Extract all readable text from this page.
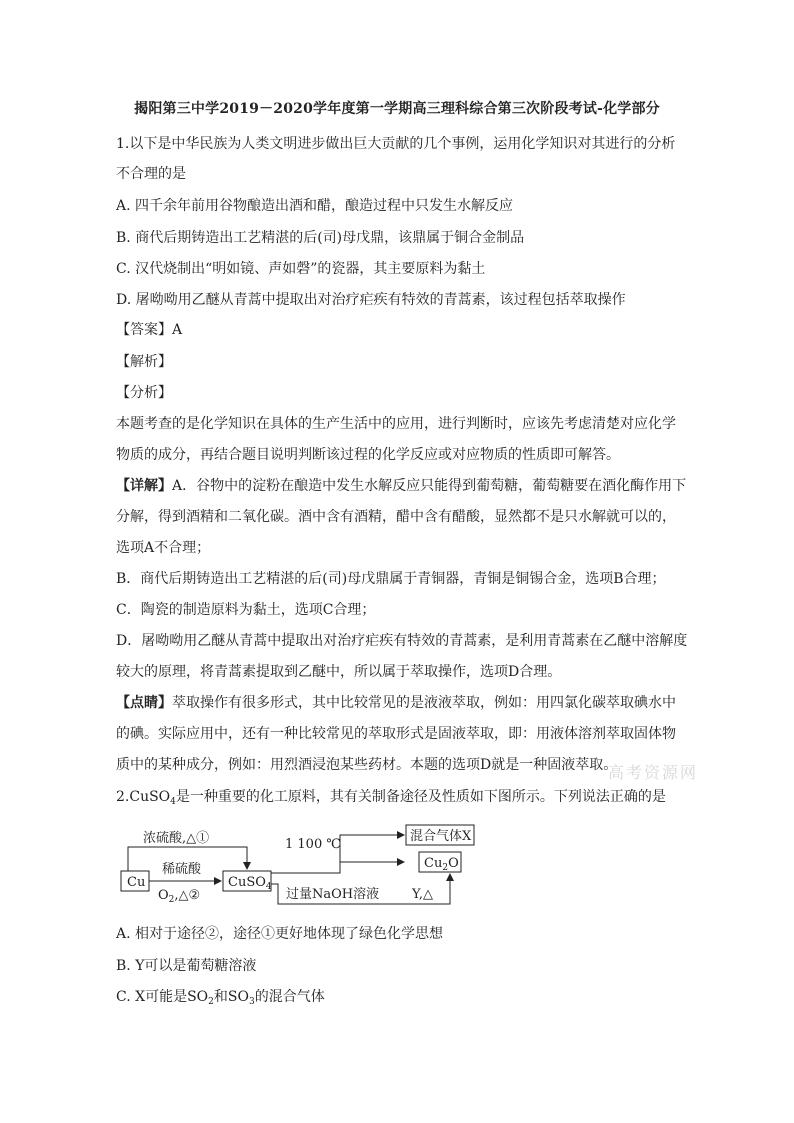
揭阳第三中学2019－2020学年度第一学期高三理科综合第三次阶段考试-化学部分
1.以下是中华民族为人类文明进步做出巨大贡献的几个事例，运用化学知识对其进行的分析
不合理的是
A. 四千余年前用谷物酿造出酒和醋，酿造过程中只发生水解反应
B. 商代后期铸造出工艺精湛的后(司)母戊鼎，该鼎属于铜合金制品
C. 汉代烧制出“明如镜、声如磬”的瓷器，其主要原料为黏土
D. 屠呦呦用乙醚从青蒿中提取出对治疗疟疾有特效的青蒿素，该过程包括萃取操作
【答案】A
【解析】
【分析】
本题考查的是化学知识在具体的生产生活中的应用，进行判断时，应该先考虑清楚对应化学
物质的成分，再结合题目说明判断该过程的化学反应或对应物质的性质即可解答。
【详解】A．谷物中的淀粉在酿造中发生水解反应只能得到葡萄糖，葡萄糖要在酒化酶作用下
分解，得到酒精和二氧化碳。酒中含有酒精，醋中含有醋酸，显然都不是只水解就可以的，
选项A不合理；
B．商代后期铸造出工艺精湛的后(司)母戊鼎属于青铜器，青铜是铜锡合金，选项B合理；
C．陶瓷的制造原料为黏土，选项C合理；
D．屠呦呦用乙醚从青蒿中提取出对治疗疟疾有特效的青蒿素，是利用青蒿素在乙醚中溶解度
较大的原理，将青蒿素提取到乙醚中，所以属于萃取操作，选项D合理。
【点睛】萃取操作有很多形式，其中比较常见的是液液萃取，例如：用四氯化碳萃取碘水中
的碘。实际应用中，还有一种比较常见的萃取形式是固液萃取，即：用液体溶剂萃取固体物
质中的某种成分，例如：用烈酒浸泡某些药材。本题的选项D就是一种固液萃取。
高考资源网
2.CuSO$_4$是一种重要的化工原料，其有关制备途径及性质如下图所示。下列说法正确的是
Cu	CuSO$_4$
浓硫酸,△①
稀硫酸
$O_2,\triangle ②$
1 100 ℃
混合气体X
$Cu_2O$
过量NaOH溶液	Y,△
A. 相对于途径②，途径①更好地体现了绿色化学思想
B. Y可以是葡萄糖溶液
C. X可能是$SO_2$和$SO_3$的混合气体
